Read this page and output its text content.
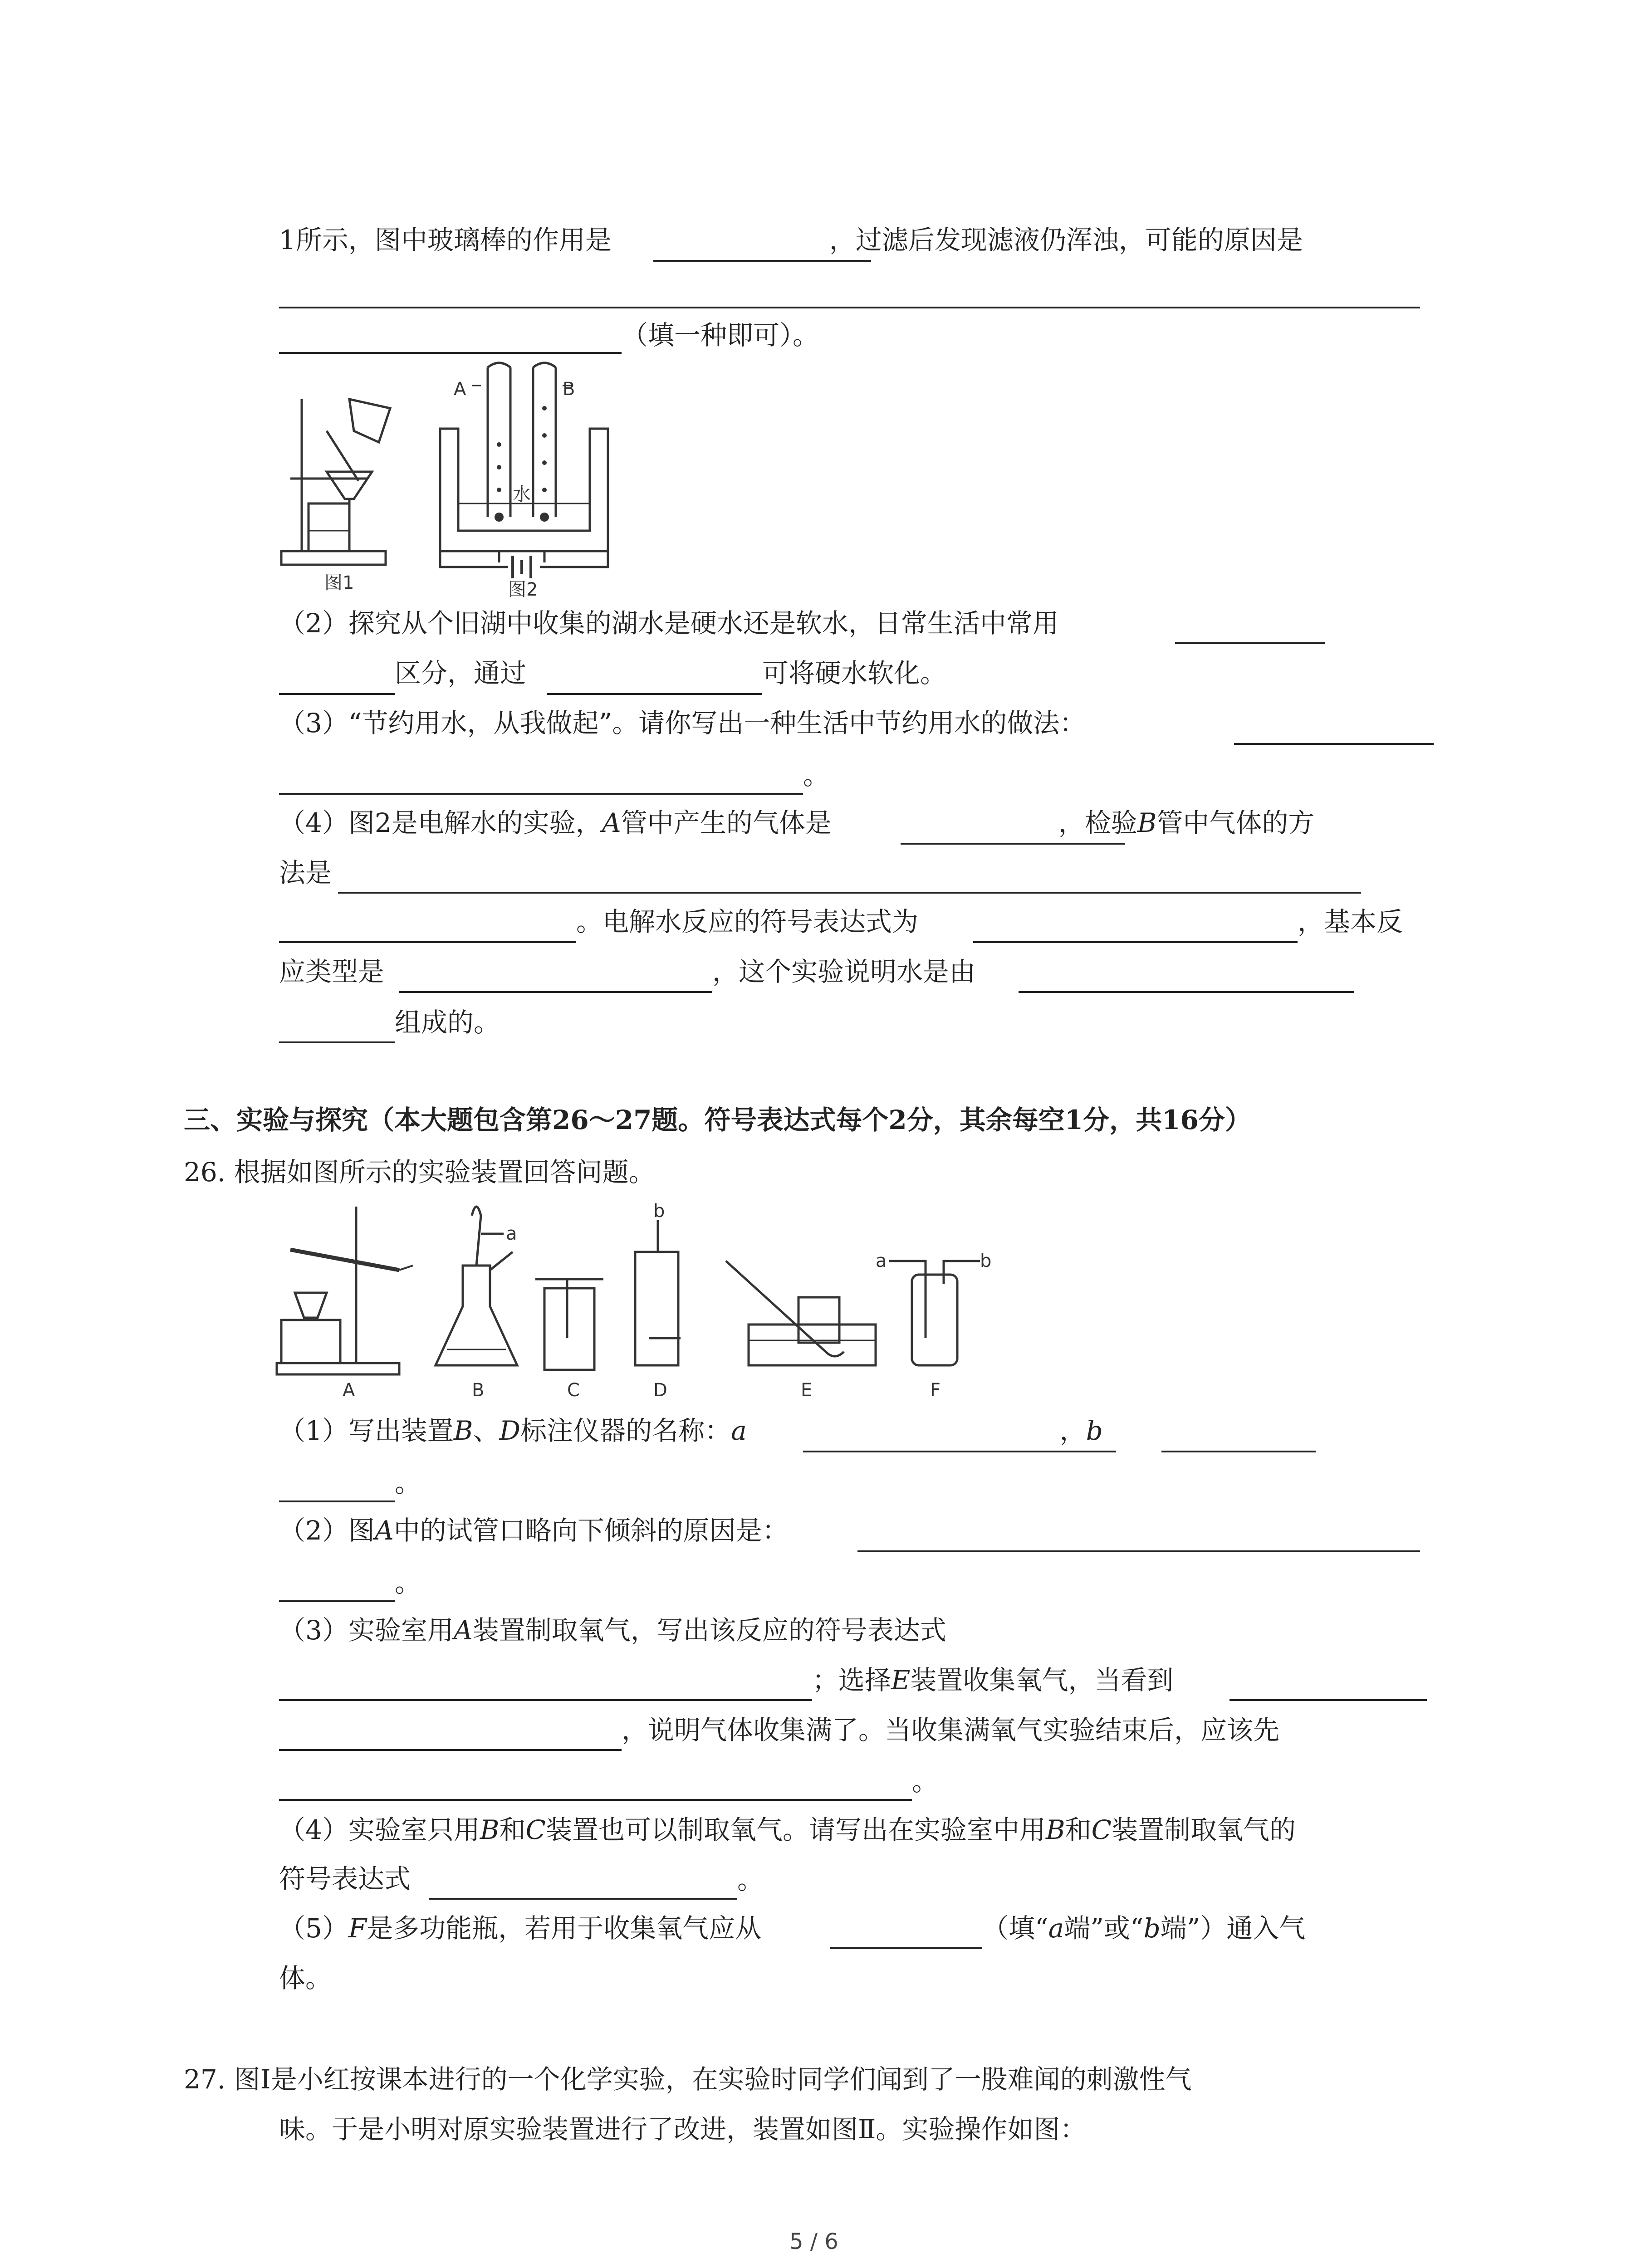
1所示，图中玻璃棒的作用是	，过滤后发现滤液仍浑浊，可能的原因是
（填一种即可）。
图1	图2
A	B
水
（2）探究从个旧湖中收集的湖水是硬水还是软水，日常生活中常用
区分，通过	可将硬水软化。
（3）“节约用水，从我做起”。请你写出一种生活中节约用水的做法：
。
（4）图2是电解水的实验，A管中产生的气体是	，检验B管中气体的方
法是
。电解水反应的符号表达式为	，基本反
应类型是	，这个实验说明水是由
组成的。
三、实验与探究（本大题包含第26～27题。符号表达式每个2分，其余每空1分，共16分）
26. 根据如图所示的实验装置回答问题。
a
b
a	b
A	B	C	D	E	F
（1）写出装置B、D标注仪器的名称：a	，b
。
（2）图A中的试管口略向下倾斜的原因是：
。
（3）实验室用A装置制取氧气，写出该反应的符号表达式
；选择E装置收集氧气，当看到
，说明气体收集满了。当收集满氧气实验结束后，应该先
。
（4）实验室只用B和C装置也可以制取氧气。请写出在实验室中用B和C装置制取氧气的
符号表达式	。
（5）F是多功能瓶，若用于收集氧气应从	（填“a端”或“b端”）通入气
体。
27. 图Ⅰ是小红按课本进行的一个化学实验，在实验时同学们闻到了一股难闻的刺激性气
味。于是小明对原实验装置进行了改进，装置如图Ⅱ。实验操作如图：
5 / 6
